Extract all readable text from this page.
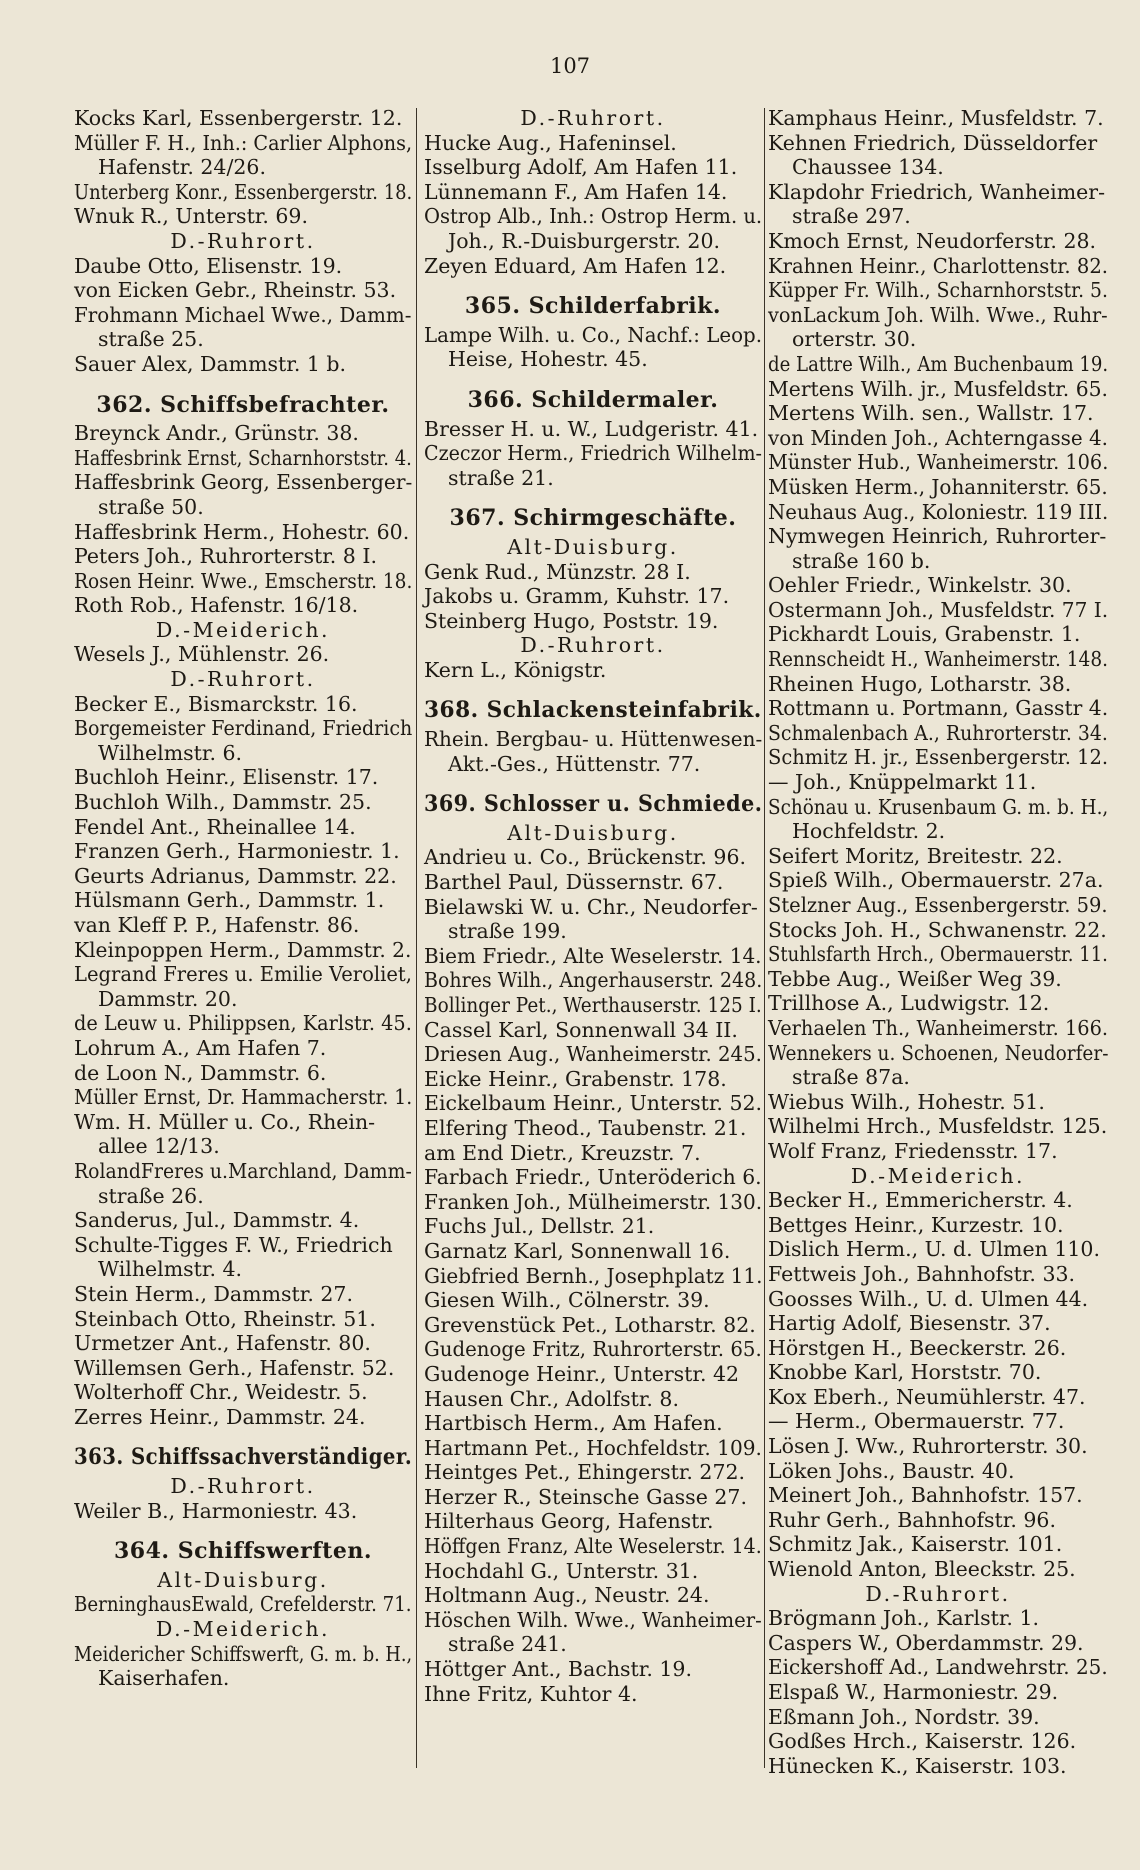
107
Kocks Karl, Essenbergerstr. 12.
Müller F. H., Inh.: Carlier Alphons,
Hafenstr. 24/26.
Unterberg Konr., Essenbergerstr. 18.
Wnuk R., Unterstr. 69.
D.-Ruhrort.
Daube Otto, Elisenstr. 19.
von Eicken Gebr., Rheinstr. 53.
Frohmann Michael Wwe., Damm-
straße 25.
Sauer Alex, Dammstr. 1 b.
362. Schiffsbefrachter.
Breynck Andr., Grünstr. 38.
Haffesbrink Ernst, Scharnhorststr. 4.
Haffesbrink Georg, Essenberger-
straße 50.
Haffesbrink Herm., Hohestr. 60.
Peters Joh., Ruhrorterstr. 8 I.
Rosen Heinr. Wwe., Emscherstr. 18.
Roth Rob., Hafenstr. 16/18.
D.-Meiderich.
Wesels J., Mühlenstr. 26.
D.-Ruhrort.
Becker E., Bismarckstr. 16.
Borgemeister Ferdinand, Friedrich
Wilhelmstr. 6.
Buchloh Heinr., Elisenstr. 17.
Buchloh Wilh., Dammstr. 25.
Fendel Ant., Rheinallee 14.
Franzen Gerh., Harmoniestr. 1.
Geurts Adrianus, Dammstr. 22.
Hülsmann Gerh., Dammstr. 1.
van Kleff P. P., Hafenstr. 86.
Kleinpoppen Herm., Dammstr. 2.
Legrand Freres u. Emilie Veroliet,
Dammstr. 20.
de Leuw u. Philippsen, Karlstr. 45.
Lohrum A., Am Hafen 7.
de Loon N., Dammstr. 6.
Müller Ernst, Dr. Hammacherstr. 1.
Wm. H. Müller u. Co., Rhein-
allee 12/13.
RolandFreres u.Marchland, Damm-
straße 26.
Sanderus, Jul., Dammstr. 4.
Schulte-Tigges F. W., Friedrich
Wilhelmstr. 4.
Stein Herm., Dammstr. 27.
Steinbach Otto, Rheinstr. 51.
Urmetzer Ant., Hafenstr. 80.
Willemsen Gerh., Hafenstr. 52.
Wolterhoff Chr., Weidestr. 5.
Zerres Heinr., Dammstr. 24.
363. Schiffssachverständiger.
D.-Ruhrort.
Weiler B., Harmoniestr. 43.
364. Schiffswerften.
Alt-Duisburg.
BerninghausEwald, Crefelderstr. 71.
D.-Meiderich.
Meidericher Schiffswerft, G. m. b. H.,
Kaiserhafen.
D.-Ruhrort.
Hucke Aug., Hafeninsel.
Isselburg Adolf, Am Hafen 11.
Lünnemann F., Am Hafen 14.
Ostrop Alb., Inh.: Ostrop Herm. u.
Joh., R.-Duisburgerstr. 20.
Zeyen Eduard, Am Hafen 12.
365. Schilderfabrik.
Lampe Wilh. u. Co., Nachf.: Leop.
Heise, Hohestr. 45.
366. Schildermaler.
Bresser H. u. W., Ludgeristr. 41.
Czeczor Herm., Friedrich Wilhelm-
straße 21.
367. Schirmgeschäfte.
Alt-Duisburg.
Genk Rud., Münzstr. 28 I.
Jakobs u. Gramm, Kuhstr. 17.
Steinberg Hugo, Poststr. 19.
D.-Ruhrort.
Kern L., Königstr.
368. Schlackensteinfabrik.
Rhein. Bergbau- u. Hüttenwesen-
Akt.-Ges., Hüttenstr. 77.
369. Schlosser u. Schmiede.
Alt-Duisburg.
Andrieu u. Co., Brückenstr. 96.
Barthel Paul, Düssernstr. 67.
Bielawski W. u. Chr., Neudorfer-
straße 199.
Biem Friedr., Alte Weselerstr. 14.
Bohres Wilh., Angerhauserstr. 248.
Bollinger Pet., Werthauserstr. 125 I.
Cassel Karl, Sonnenwall 34 II.
Driesen Aug., Wanheimerstr. 245.
Eicke Heinr., Grabenstr. 178.
Eickelbaum Heinr., Unterstr. 52.
Elfering Theod., Taubenstr. 21.
am End Dietr., Kreuzstr. 7.
Farbach Friedr., Unteröderich 6.
Franken Joh., Mülheimerstr. 130.
Fuchs Jul., Dellstr. 21.
Garnatz Karl, Sonnenwall 16.
Giebfried Bernh., Josephplatz 11.
Giesen Wilh., Cölnerstr. 39.
Grevenstück Pet., Lotharstr. 82.
Gudenoge Fritz, Ruhrorterstr. 65.
Gudenoge Heinr., Unterstr. 42
Hausen Chr., Adolfstr. 8.
Hartbisch Herm., Am Hafen.
Hartmann Pet., Hochfeldstr. 109.
Heintges Pet., Ehingerstr. 272.
Herzer R., Steinsche Gasse 27.
Hilterhaus Georg, Hafenstr.
Höffgen Franz, Alte Weselerstr. 14.
Hochdahl G., Unterstr. 31.
Holtmann Aug., Neustr. 24.
Höschen Wilh. Wwe., Wanheimer-
straße 241.
Höttger Ant., Bachstr. 19.
Ihne Fritz, Kuhtor 4.
Kamphaus Heinr., Musfeldstr. 7.
Kehnen Friedrich, Düsseldorfer
Chaussee 134.
Klapdohr Friedrich, Wanheimer-
straße 297.
Kmoch Ernst, Neudorferstr. 28.
Krahnen Heinr., Charlottenstr. 82.
Küpper Fr. Wilh., Scharnhorststr. 5.
vonLackum Joh. Wilh. Wwe., Ruhr-
orterstr. 30.
de Lattre Wilh., Am Buchenbaum 19.
Mertens Wilh. jr., Musfeldstr. 65.
Mertens Wilh. sen., Wallstr. 17.
von Minden Joh., Achterngasse 4.
Münster Hub., Wanheimerstr. 106.
Müsken Herm., Johanniterstr. 65.
Neuhaus Aug., Koloniestr. 119 III.
Nymwegen Heinrich, Ruhrorter-
straße 160 b.
Oehler Friedr., Winkelstr. 30.
Ostermann Joh., Musfeldstr. 77 I.
Pickhardt Louis, Grabenstr. 1.
Rennscheidt H., Wanheimerstr. 148.
Rheinen Hugo, Lotharstr. 38.
Rottmann u. Portmann, Gasstr 4.
Schmalenbach A., Ruhrorterstr. 34.
Schmitz H. jr., Essenbergerstr. 12.
— Joh., Knüppelmarkt 11.
Schönau u. Krusenbaum G. m. b. H.,
Hochfeldstr. 2.
Seifert Moritz, Breitestr. 22.
Spieß Wilh., Obermauerstr. 27a.
Stelzner Aug., Essenbergerstr. 59.
Stocks Joh. H., Schwanenstr. 22.
Stuhlsfarth Hrch., Obermauerstr. 11.
Tebbe Aug., Weißer Weg 39.
Trillhose A., Ludwigstr. 12.
Verhaelen Th., Wanheimerstr. 166.
Wennekers u. Schoenen, Neudorfer-
straße 87a.
Wiebus Wilh., Hohestr. 51.
Wilhelmi Hrch., Musfeldstr. 125.
Wolf Franz, Friedensstr. 17.
D.-Meiderich.
Becker H., Emmericherstr. 4.
Bettges Heinr., Kurzestr. 10.
Dislich Herm., U. d. Ulmen 110.
Fettweis Joh., Bahnhofstr. 33.
Goosses Wilh., U. d. Ulmen 44.
Hartig Adolf, Biesenstr. 37.
Hörstgen H., Beeckerstr. 26.
Knobbe Karl, Horststr. 70.
Kox Eberh., Neumühlerstr. 47.
— Herm., Obermauerstr. 77.
Lösen J. Ww., Ruhrorterstr. 30.
Löken Johs., Baustr. 40.
Meinert Joh., Bahnhofstr. 157.
Ruhr Gerh., Bahnhofstr. 96.
Schmitz Jak., Kaiserstr. 101.
Wienold Anton, Bleeckstr. 25.
D.-Ruhrort.
Brögmann Joh., Karlstr. 1.
Caspers W., Oberdammstr. 29.
Eickershoff Ad., Landwehrstr. 25.
Elspaß W., Harmoniestr. 29.
Eßmann Joh., Nordstr. 39.
Godßes Hrch., Kaiserstr. 126.
Hünecken K., Kaiserstr. 103.
